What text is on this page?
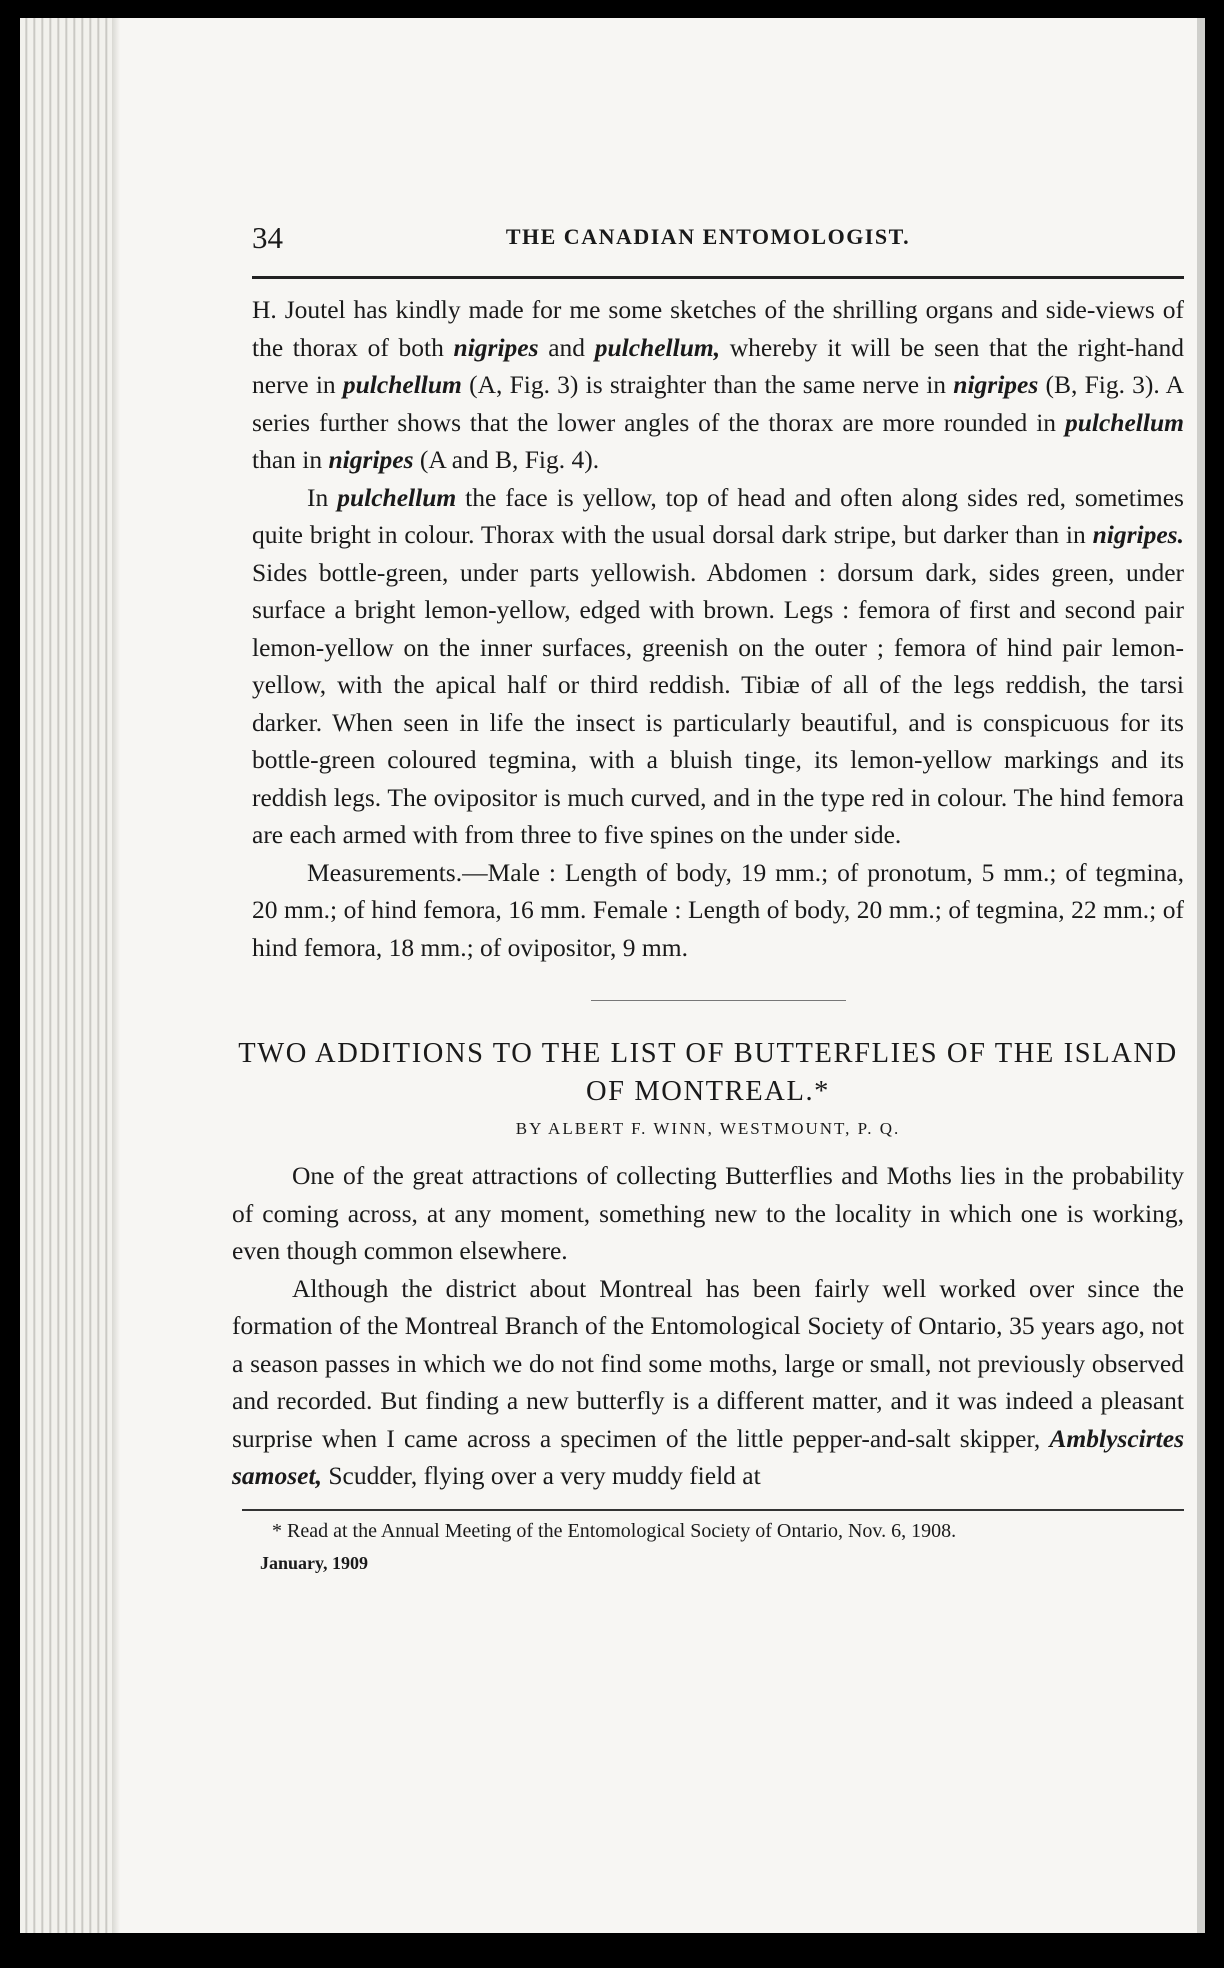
34	THE CANADIAN ENTOMOLOGIST.

H. Joutel has kindly made for me some sketches of the shrilling organs and side-views of the thorax of both nigripes and pulchellum, whereby it will be seen that the right-hand nerve in pulchellum (A, Fig. 3) is straighter than the same nerve in nigripes (B, Fig. 3). A series further shows that the lower angles of the thorax are more rounded in pulchellum than in nigripes (A and B, Fig. 4).

In pulchellum the face is yellow, top of head and often along sides red, sometimes quite bright in colour. Thorax with the usual dorsal dark stripe, but darker than in nigripes. Sides bottle-green, under parts yellowish. Abdomen : dorsum dark, sides green, under surface a bright lemon-yellow, edged with brown. Legs : femora of first and second pair lemon-yellow on the inner surfaces, greenish on the outer ; femora of hind pair lemon-yellow, with the apical half or third reddish. Tibiæ of all of the legs reddish, the tarsi darker. When seen in life the insect is particularly beautiful, and is conspicuous for its bottle-green coloured tegmina, with a bluish tinge, its lemon-yellow markings and its reddish legs. The ovipositor is much curved, and in the type red in colour. The hind femora are each armed with from three to five spines on the under side.

Measurements.—Male : Length of body, 19 mm.; of pronotum, 5 mm.; of tegmina, 20 mm.; of hind femora, 16 mm. Female : Length of body, 20 mm.; of tegmina, 22 mm.; of hind femora, 18 mm.; of ovipositor, 9 mm.

TWO ADDITIONS TO THE LIST OF BUTTERFLIES OF THE ISLAND OF MONTREAL.*
BY ALBERT F. WINN, WESTMOUNT, P. Q.

One of the great attractions of collecting Butterflies and Moths lies in the probability of coming across, at any moment, something new to the locality in which one is working, even though common elsewhere.

Although the district about Montreal has been fairly well worked over since the formation of the Montreal Branch of the Entomological Society of Ontario, 35 years ago, not a season passes in which we do not find some moths, large or small, not previously observed and recorded. But finding a new butterfly is a different matter, and it was indeed a pleasant surprise when I came across a specimen of the little pepper-and-salt skipper, Amblyscirtes samoset, Scudder, flying over a very muddy field at

* Read at the Annual Meeting of the Entomological Society of Ontario, Nov. 6, 1908.
January, 1909
